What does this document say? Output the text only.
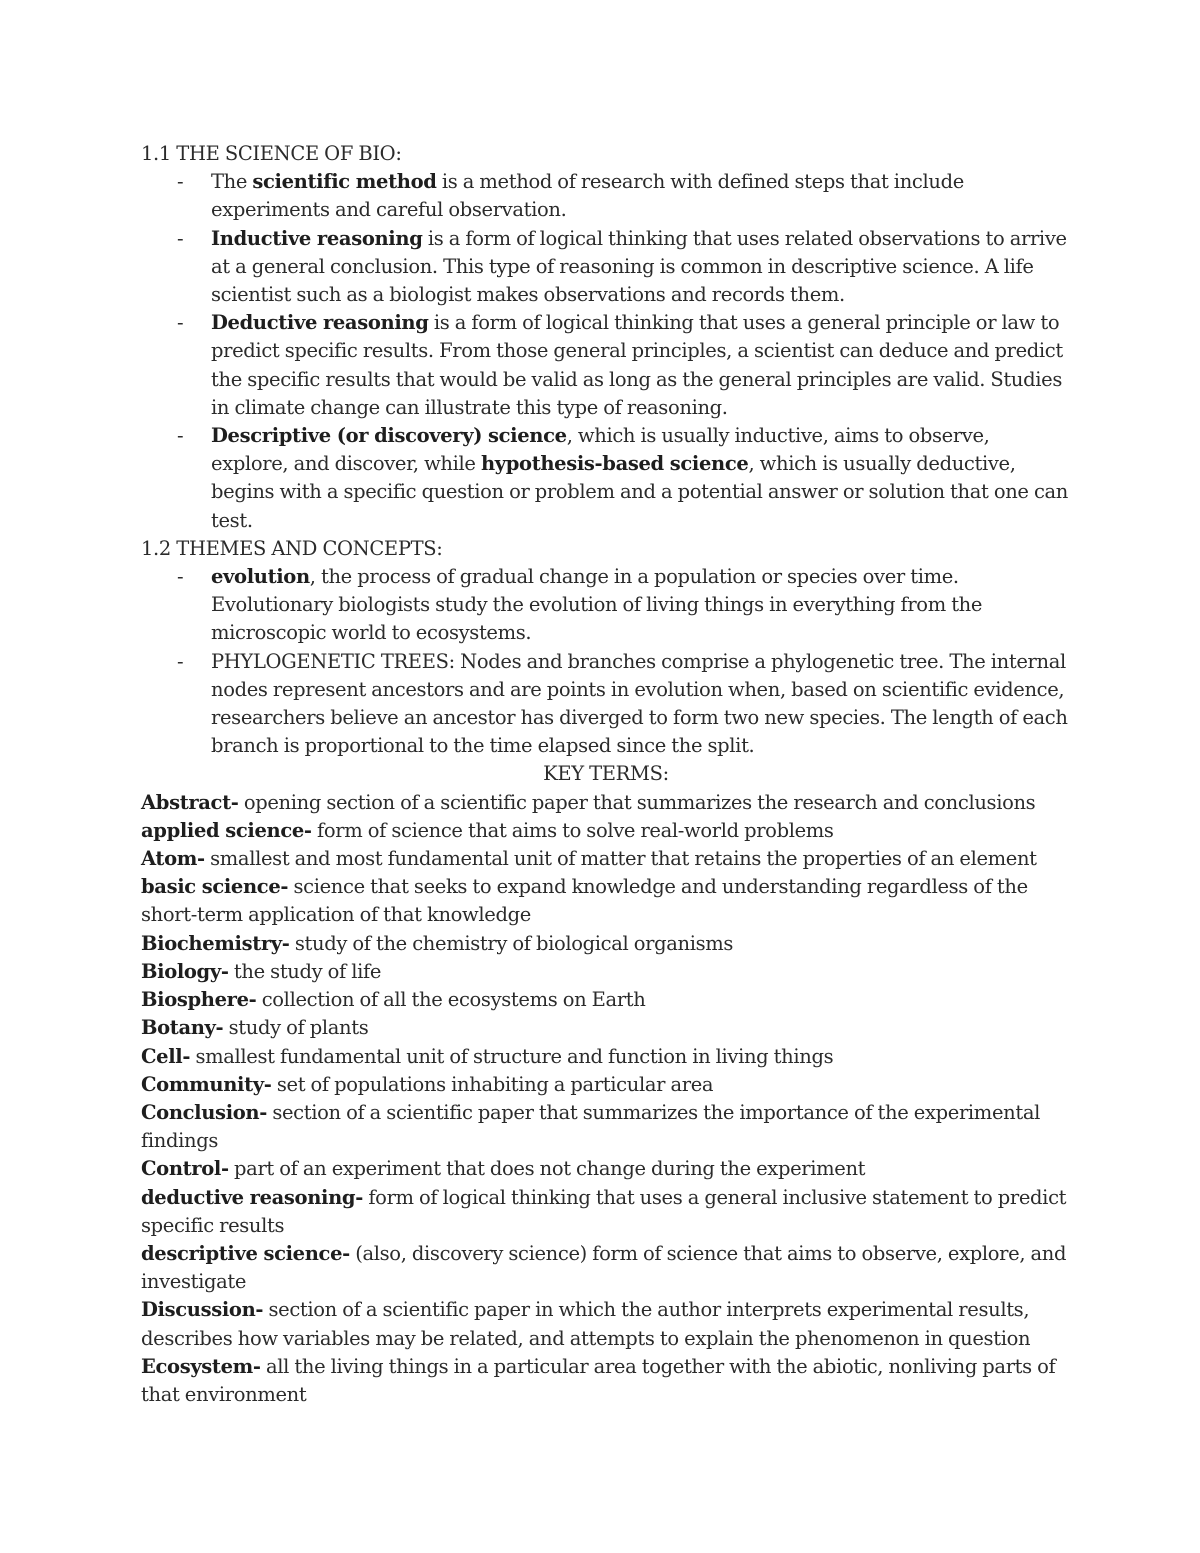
1.1 THE SCIENCE OF BIO:

- The scientific method is a method of research with defined steps that include experiments and careful observation.
- Inductive reasoning is a form of logical thinking that uses related observations to arrive at a general conclusion. This type of reasoning is common in descriptive science. A life scientist such as a biologist makes observations and records them.
- Deductive reasoning is a form of logical thinking that uses a general principle or law to predict specific results. From those general principles, a scientist can deduce and predict the specific results that would be valid as long as the general principles are valid. Studies in climate change can illustrate this type of reasoning.
- Descriptive (or discovery) science, which is usually inductive, aims to observe, explore, and discover, while hypothesis-based science, which is usually deductive, begins with a specific question or problem and a potential answer or solution that one can test.

1.2 THEMES AND CONCEPTS:

- evolution, the process of gradual change in a population or species over time. Evolutionary biologists study the evolution of living things in everything from the microscopic world to ecosystems.
- PHYLOGENETIC TREES: Nodes and branches comprise a phylogenetic tree. The internal nodes represent ancestors and are points in evolution when, based on scientific evidence, researchers believe an ancestor has diverged to form two new species. The length of each branch is proportional to the time elapsed since the split.

KEY TERMS:

Abstract- opening section of a scientific paper that summarizes the research and conclusions

applied science- form of science that aims to solve real-world problems

Atom- smallest and most fundamental unit of matter that retains the properties of an element

basic science- science that seeks to expand knowledge and understanding regardless of the short-term application of that knowledge

Biochemistry- study of the chemistry of biological organisms

Biology- the study of life

Biosphere- collection of all the ecosystems on Earth

Botany- study of plants

Cell- smallest fundamental unit of structure and function in living things

Community- set of populations inhabiting a particular area

Conclusion- section of a scientific paper that summarizes the importance of the experimental findings

Control- part of an experiment that does not change during the experiment

deductive reasoning- form of logical thinking that uses a general inclusive statement to predict specific results

descriptive science- (also, discovery science) form of science that aims to observe, explore, and investigate

Discussion- section of a scientific paper in which the author interprets experimental results, describes how variables may be related, and attempts to explain the phenomenon in question

Ecosystem- all the living things in a particular area together with the abiotic, nonliving parts of that environment
